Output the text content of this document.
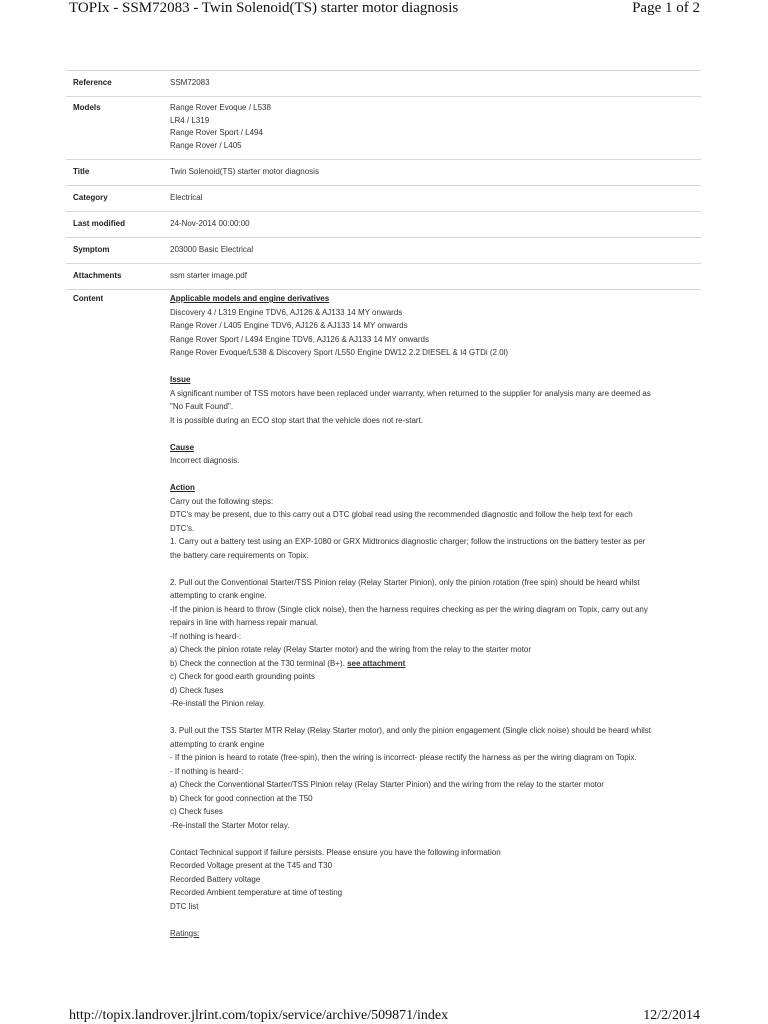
TOPIx - SSM72083 - Twin Solenoid(TS) starter motor diagnosis	Page 1 of 2
Reference	SSM72083
Models	Range Rover Evoque / L538
LR4 / L319
Range Rover Sport / L494
Range Rover / L405
Title	Twin Solenoid(TS) starter motor diagnosis
Category	Electrical
Last modified	24-Nov-2014 00:00:00
Symptom	203000 Basic Electrical
Attachments	ssm starter image.pdf
Content	Applicable models and engine derivatives
Discovery 4 / L319 Engine TDV6, AJ126 & AJ133 14 MY onwards
Range Rover / L405 Engine TDV6, AJ126 & AJ133 14 MY onwards
Range Rover Sport / L494 Engine TDV6, AJ126 & AJ133 14 MY onwards
Range Rover Evoque/L538 & Discovery Sport /L550 Engine DW12 2.2 DIESEL & I4 GTDi (2.0l)
Issue
A significant number of TSS motors have been replaced under warranty, when returned to the supplier for analysis many are deemed as
"No Fault Found".
It is possible during an ECO stop start that the vehicle does not re-start.
Cause
Incorrect diagnosis.
Action
Carry out the following steps:
DTC's may be present, due to this carry out a DTC global read using the recommended diagnostic and follow the help text for each
DTC's.
1. Carry out a battery test using an EXP-1080 or GRX Midtronics diagnostic charger; follow the instructions on the battery tester as per
the battery care requirements on Topix.
2. Pull out the Conventional Starter/TSS Pinion relay (Relay Starter Pinion), only the pinion rotation (free spin) should be heard whilst
attempting to crank engine.
-If the pinion is heard to throw (Single click noise), then the harness requires checking as per the wiring diagram on Topix, carry out any
repairs in line with harness repair manual.
-If nothing is heard-:
a) Check the pinion rotate relay (Relay Starter motor) and the wiring from the relay to the starter motor
b) Check the connection at the T30 terminal (B+). see attachment
c) Check for good earth grounding points
d) Check fuses
-Re-install the Pinion relay.
3. Pull out the TSS Starter MTR Relay (Relay Starter motor), and only the pinion engagement (Single click noise) should be heard whilst
attempting to crank engine
- If the pinion is heard to rotate (free-spin), then the wiring is incorrect- please rectify the harness as per the wiring diagram on Topix.
- If nothing is heard-:
a) Check the Conventional Starter/TSS Pinion relay (Relay Starter Pinion) and the wiring from the relay to the starter motor
b) Check for good connection at the T50
c) Check fuses
-Re-install the Starter Motor relay.
Contact Technical support if failure persists. Please ensure you have the following information
Recorded Voltage present at the T45 and T30
Recorded Battery voltage
Recorded Ambient temperature at time of testing
DTC list
Ratings:
http://topix.landrover.jlrint.com/topix/service/archive/509871/index	12/2/2014
